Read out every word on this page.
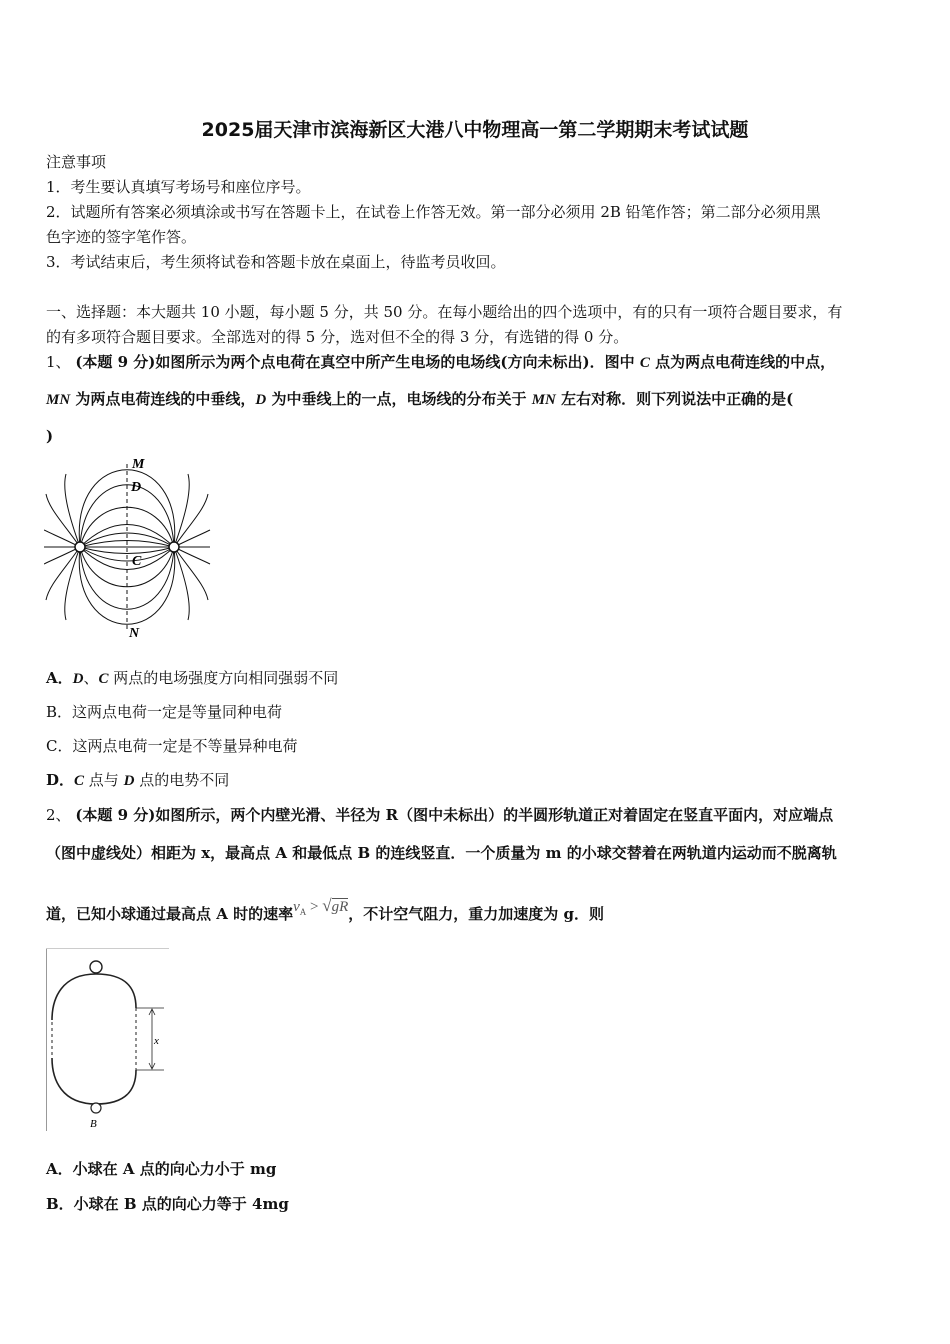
2025届天津市滨海新区大港八中物理高一第二学期期末考试试题
注意事项
1．考生要认真填写考场号和座位序号。
2．试题所有答案必须填涂或书写在答题卡上，在试卷上作答无效。第一部分必须用 2B 铅笔作答；第二部分必须用黑
色字迹的签字笔作答。
3．考试结束后，考生须将试卷和答题卡放在桌面上，待监考员收回。
一、选择题：本大题共 10 小题，每小题 5 分，共 50 分。在每小题给出的四个选项中，有的只有一项符合题目要求，有
的有多项符合题目要求。全部选对的得 5 分，选对但不全的得 3 分，有选错的得 0 分。
1、 (本题 9 分)如图所示为两个点电荷在真空中所产生电场的电场线(方向未标出)．图中 C 点为两点电荷连线的中点，
MN 为两点电荷连线的中垂线，D 为中垂线上的一点，电场线的分布关于 MN 左右对称．则下列说法中正确的是(
)
M
D
C
N
A．D、C 两点的电场强度方向相同强弱不同
B．这两点电荷一定是等量同种电荷
C．这两点电荷一定是不等量异种电荷
D．C 点与 D 点的电势不同
2、 (本题 9 分)如图所示，两个内壁光滑、半径为 R（图中未标出）的半圆形轨道正对着固定在竖直平面内，对应端点
（图中虚线处）相距为 x，最高点 A 和最低点 B 的连线竖直．一个质量为 m 的小球交替着在两轨道内运动而不脱离轨
道，已知小球通过最高点 A 时的速率$v_A > √gR$，不计空气阻力，重力加速度为 g．则
x
B
A．小球在 A 点的向心力小于 mg
B．小球在 B 点的向心力等于 4mg
